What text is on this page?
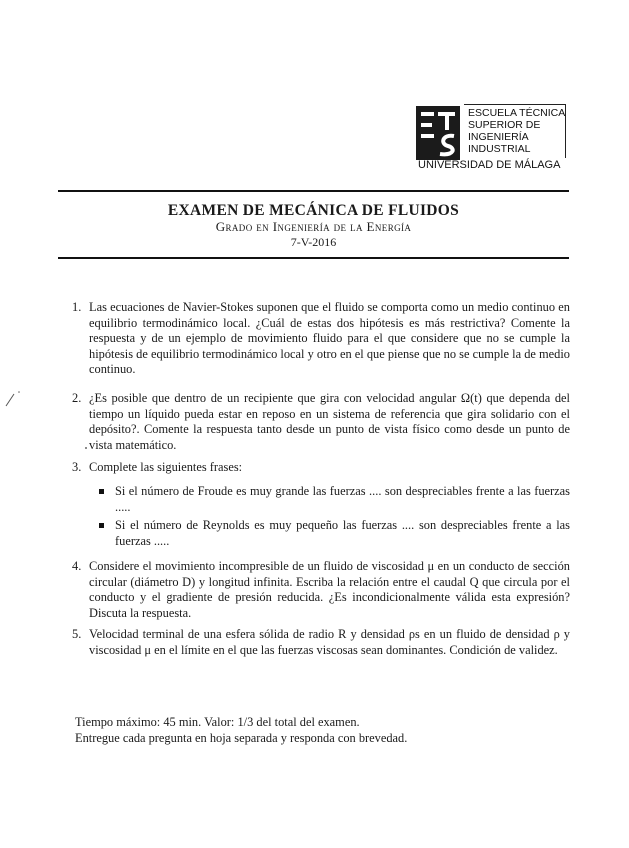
ESCUELA TÉCNICA
SUPERIOR DE
INGENIERÍA
INDUSTRIAL
UNIVERSIDAD DE MÁLAGA
EXAMEN DE MECÁNICA DE FLUIDOS
Grado en Ingeniería de la Energía
7-V-2016
1. Las ecuaciones de Navier-Stokes suponen que el fluido se comporta como un medio continuo en equilibrio termodinámico local. ¿Cuál de estas dos hipótesis es más restrictiva? Comente la respuesta y de un ejemplo de movimiento fluido para el que considere que no se cumple la hipótesis de equilibrio termodinámico local y otro en el que piense que no se cumple la de medio continuo.
2. ¿Es posible que dentro de un recipiente que gira con velocidad angular Ω(t) que dependa del tiempo un líquido pueda estar en reposo en un sistema de referencia que gira solidario con el depósito?. Comente la respuesta tanto desde un punto de vista físico como desde un punto de vista matemático.
3. Complete las siguientes frases:
Si el número de Froude es muy grande las fuerzas .... son despreciables frente a las fuerzas .....
Si el número de Reynolds es muy pequeño las fuerzas .... son despreciables frente a las fuerzas .....
4. Considere el movimiento incompresible de un fluido de viscosidad μ en un conducto de sección circular (diámetro D) y longitud infinita. Escriba la relación entre el caudal Q que circula por el conducto y el gradiente de presión reducida. ¿Es incondicionalmente válida esta expresión? Discuta la respuesta.
5. Velocidad terminal de una esfera sólida de radio R y densidad ρs en un fluido de densidad ρ y viscosidad μ en el límite en el que las fuerzas viscosas sean dominantes. Condición de validez.
Tiempo máximo: 45 min. Valor: 1/3 del total del examen.
Entregue cada pregunta en hoja separada y responda con brevedad.
